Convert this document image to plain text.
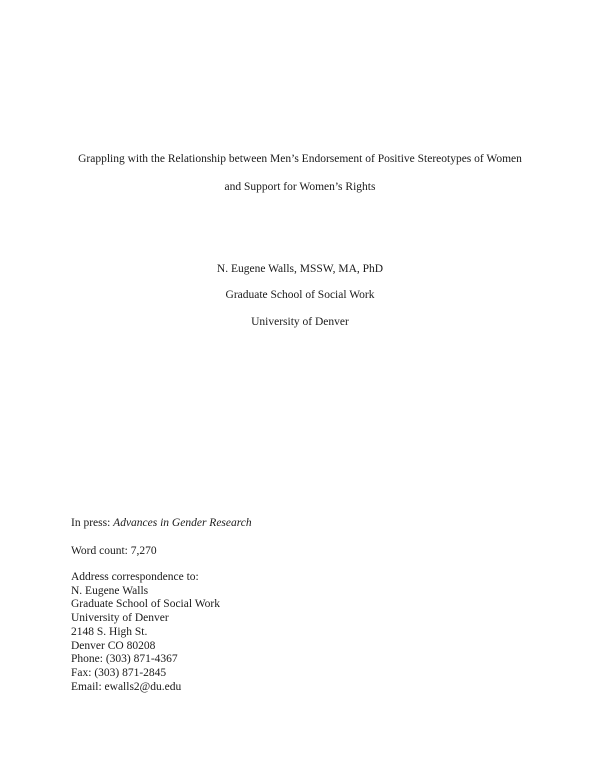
Grappling with the Relationship between Men’s Endorsement of Positive Stereotypes of Women
and Support for Women’s Rights
N. Eugene Walls, MSSW, MA, PhD
Graduate School of Social Work
University of Denver
In press: Advances in Gender Research
Word count: 7,270
Address correspondence to:
N. Eugene Walls
Graduate School of Social Work
University of Denver
2148 S. High St.
Denver CO 80208
Phone: (303) 871-4367
Fax: (303) 871-2845
Email: ewalls2@du.edu
